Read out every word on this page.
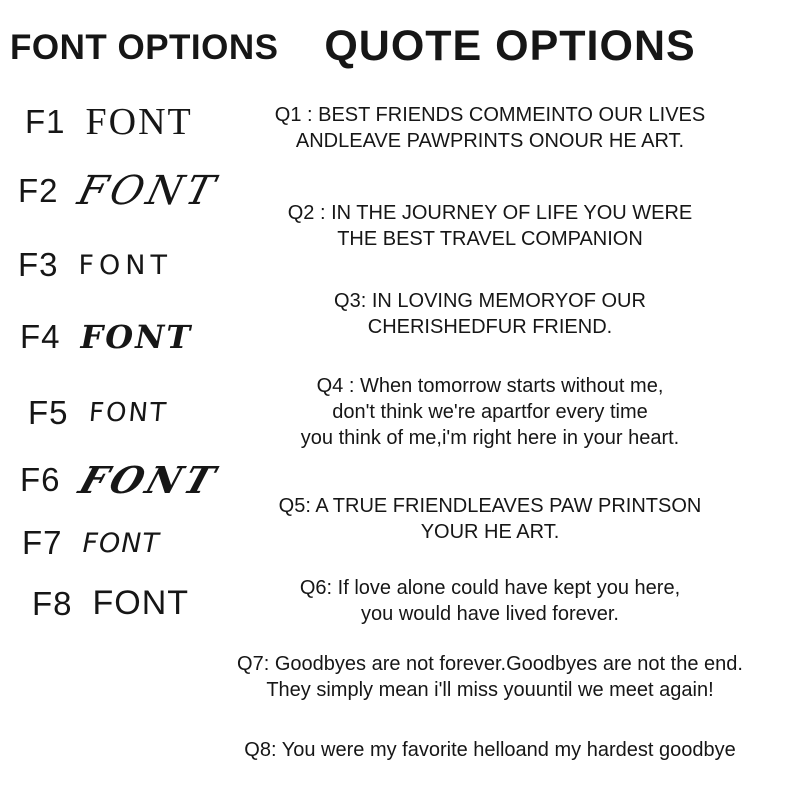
FONT OPTIONS
F1 FONT
F2 FONT
F3 FONT
F4 FONT
F5 FONT
F6 FONT
F7 FONT
F8 FONT
QUOTE OPTIONS
Q1 : BEST FRIENDS COMMEINTO OUR LIVES
ANDLEAVE PAWPRINTS ONOUR HE ART.
Q2 : IN THE JOURNEY OF LIFE YOU WERE
THE BEST TRAVEL COMPANION
Q3: IN LOVING MEMORYOF OUR
CHERISHEDFUR FRIEND.
Q4 : When tomorrow starts without me,
don't think we're apartfor every time
you think of me,i'm right here in your heart.
Q5: A TRUE FRIENDLEAVES PAW PRINTSON
YOUR HE ART.
Q6: If love alone could have kept you here,
you would have lived forever.
Q7: Goodbyes are not forever.Goodbyes are not the end.
They simply mean i'll miss youuntil we meet again!
Q8: You were my favorite helloand my hardest goodbye
